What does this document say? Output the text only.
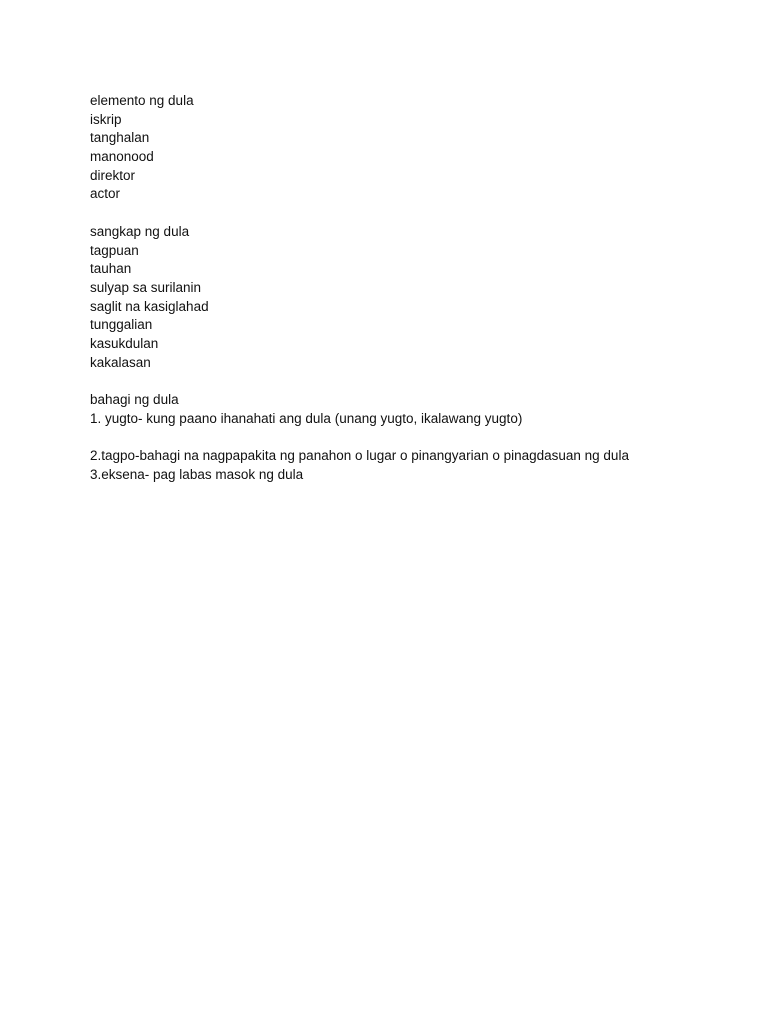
elemento ng dula
iskrip
tanghalan
manonood
direktor
actor
sangkap ng dula
tagpuan
tauhan
sulyap sa surilanin
saglit na kasiglahad
tunggalian
kasukdulan
kakalasan
bahagi ng dula
1. yugto- kung paano ihanahati ang dula (unang yugto, ikalawang yugto)
2.tagpo-bahagi na nagpapakita ng panahon o lugar o pinangyarian o pinagdasuan ng dula
3.eksena- pag labas masok ng dula
